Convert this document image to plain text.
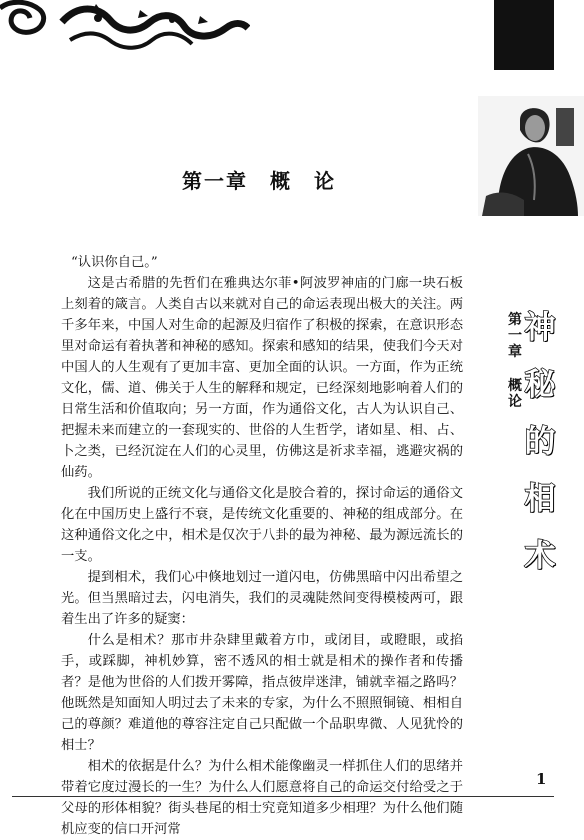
第一章　概　论

“认识你自己。”

这是古希腊的先哲们在雅典达尔菲•阿波罗神庙的门廊一块石板上刻着的箴言。人类自古以来就对自己的命运表现出极大的关注。两千多年来，中国人对生命的起源及归宿作了积极的探索，在意识形态里对命运有着执著和神秘的感知。探索和感知的结果，使我们今天对中国人的人生观有了更加丰富、更加全面的认识。一方面，作为正统文化，儒、道、佛关于人生的解释和规定，已经深刻地影响着人们的日常生活和价值取向；另一方面，作为通俗文化，古人为认识自己、把握未来而建立的一套现实的、世俗的人生哲学，诸如星、相、占、卜之类，已经沉淀在人们的心灵里，仿佛这是祈求幸福，逃避灾祸的仙药。

我们所说的正统文化与通俗文化是胶合着的，探讨命运的通俗文化在中国历史上盛行不衰，是传统文化重要的、神秘的组成部分。在这种通俗文化之中，相术是仅次于八卦的最为神秘、最为源远流长的一支。

提到相术，我们心中倏地划过一道闪电，仿佛黑暗中闪出希望之光。但当黑暗过去，闪电消失，我们的灵魂陡然间变得模棱两可，跟着生出了许多的疑窦：

什么是相术？那市井杂肆里戴着方巾，或闭目，或瞪眼，或掐手，或踩脚，神机妙算，密不透风的相士就是相术的操作者和传播者？是他为世俗的人们拨开雾障，指点彼岸迷津，铺就幸福之路吗？他既然是知面知人明过去了未来的专家，为什么不照照铜镜、相相自己的尊颜？难道他的尊容注定自己只配做一个品职卑微、人见犹怜的相士？

相术的依据是什么？为什么相术能像幽灵一样抓住人们的思绪并带着它度过漫长的一生？为什么人们愿意将自己的命运交付给受之于父母的形体相貌？街头巷尾的相士究竟知道多少相理？为什么他们随机应变的信口开河常

第
一
章
概
论
神
秘
的
相
术
1
